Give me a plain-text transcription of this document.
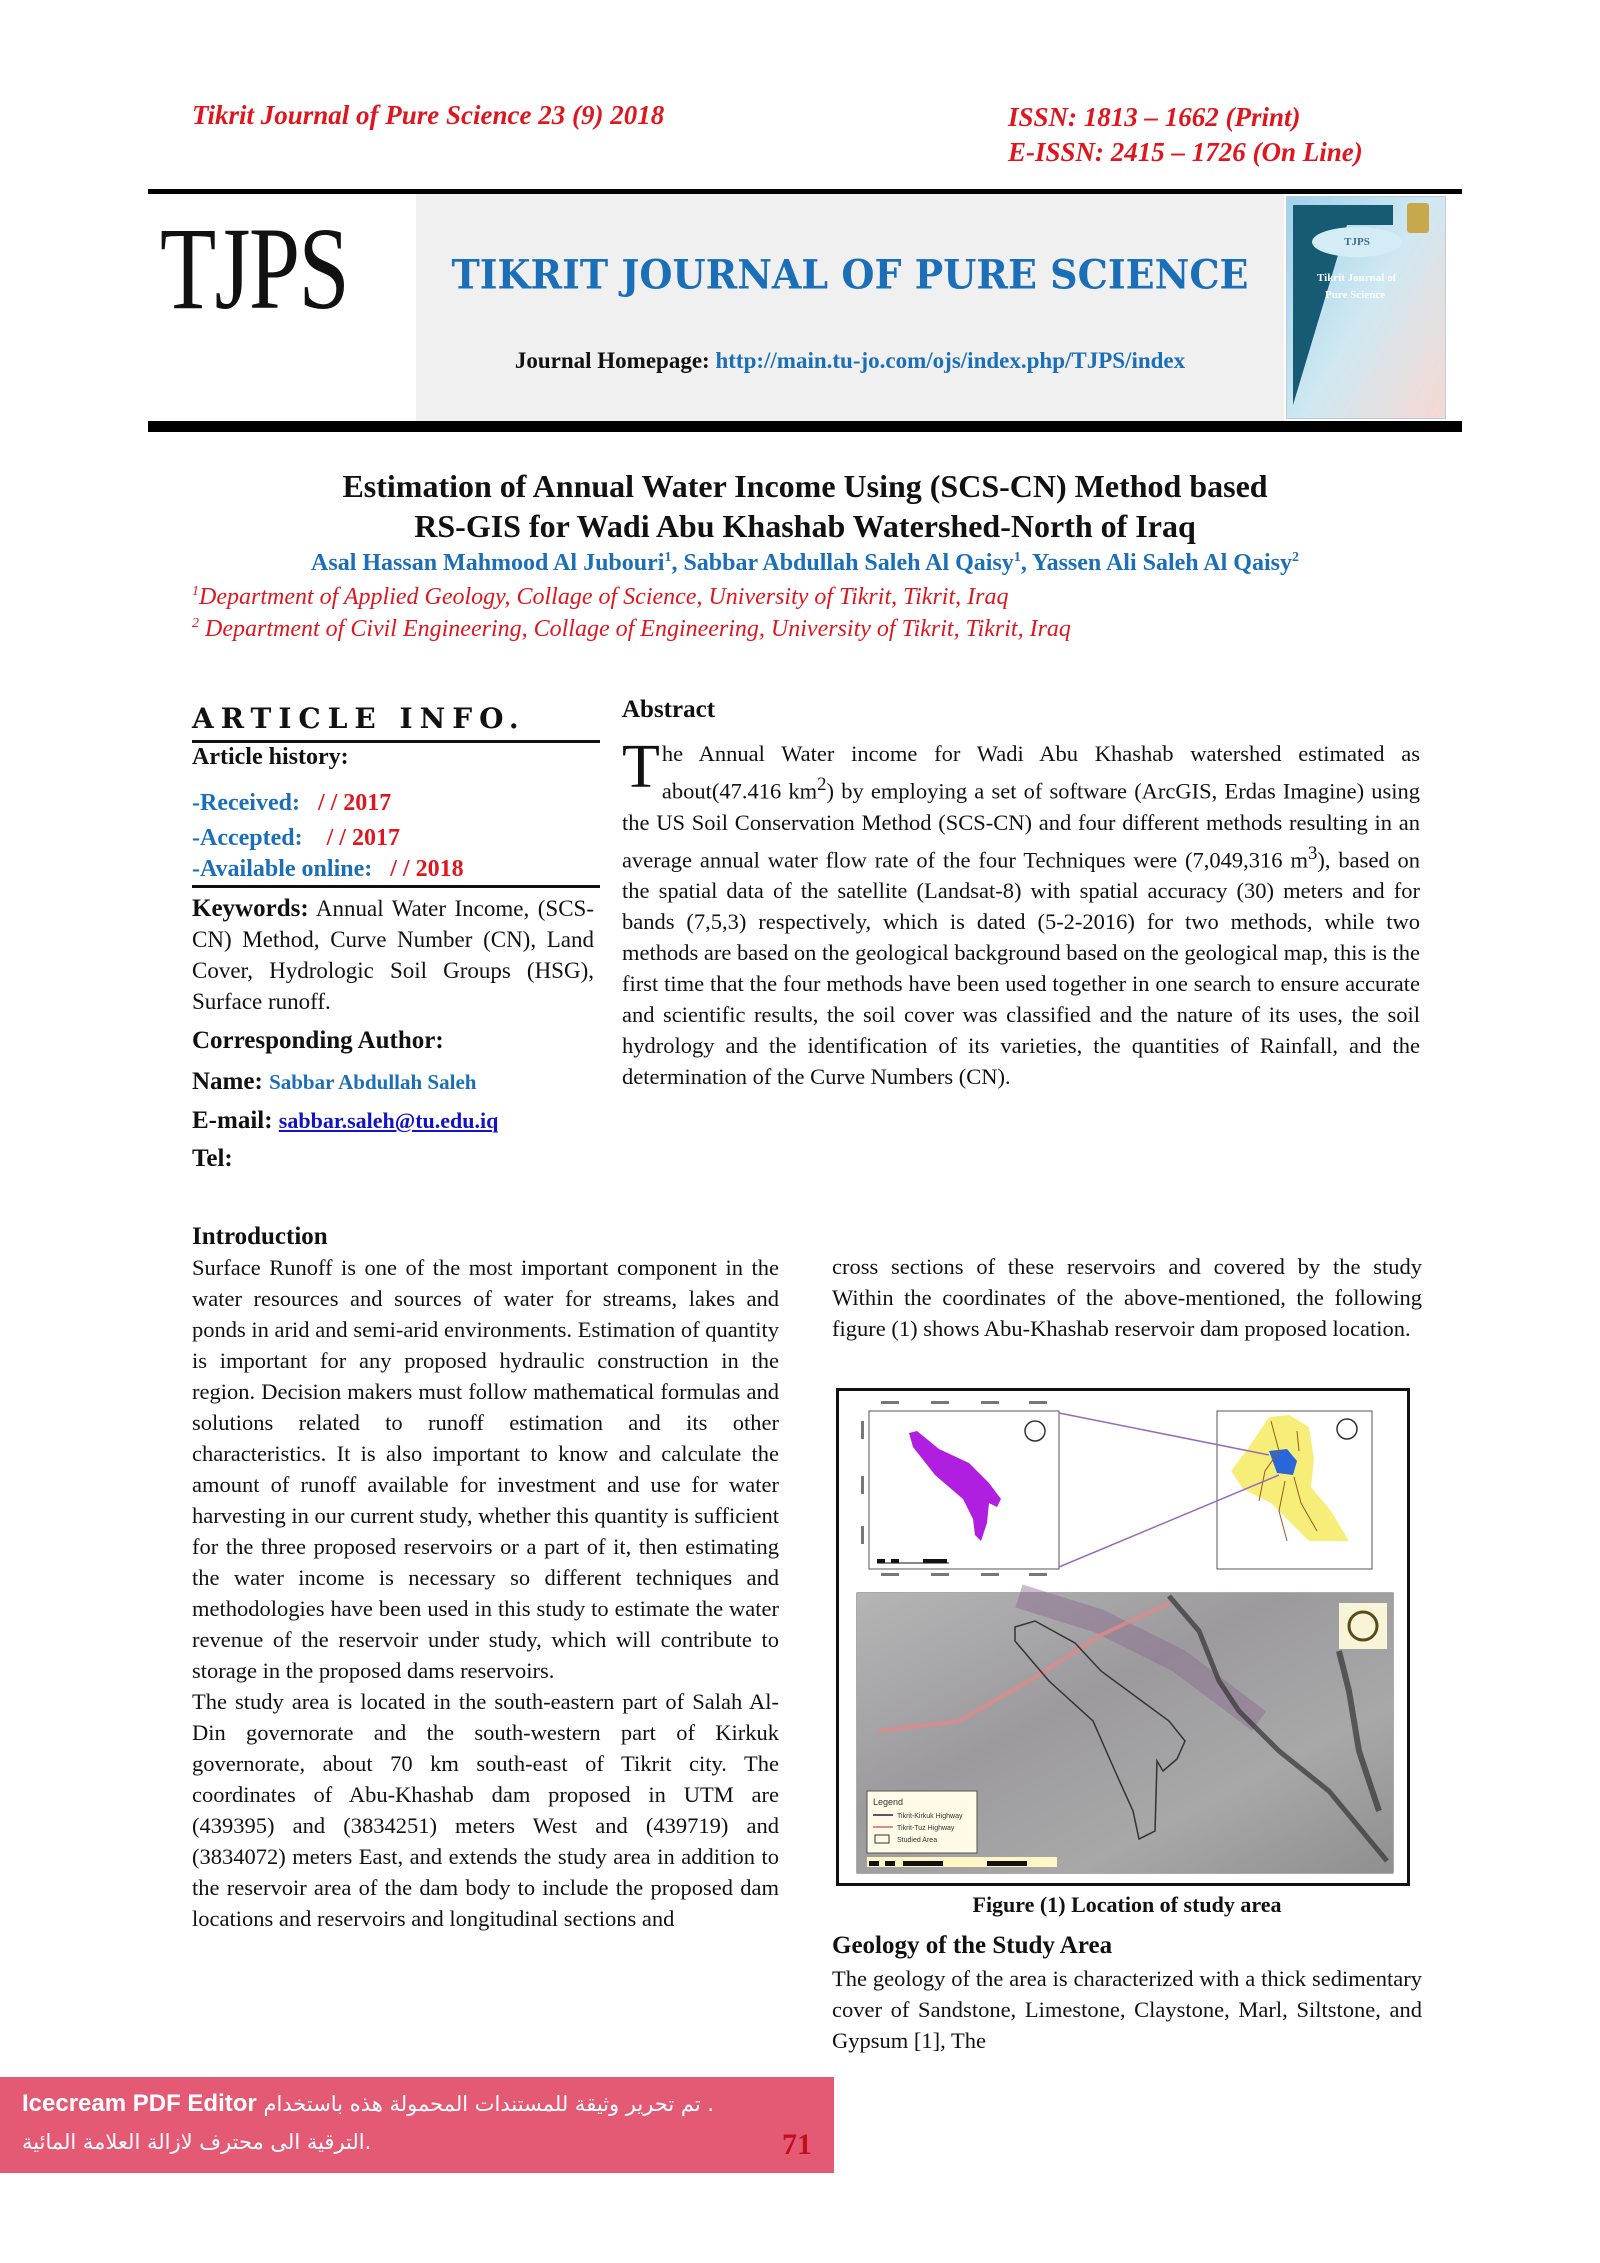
Tikrit Journal of Pure Science 23 (9) 2018	ISSN: 1813 – 1662 (Print)
E-ISSN: 2415 – 1726 (On Line)
TJPS	TIKRIT JOURNAL OF PURE SCIENCE
Journal Homepage: http://main.tu-jo.com/ojs/index.php/TJPS/index
TJPS
Tikrit Journal of
Pure Science
Estimation of Annual Water Income Using (SCS-CN) Method based
RS-GIS for Wadi Abu Khashab Watershed-North of Iraq
Asal Hassan Mahmood Al Jubouri$^1$, Sabbar Abdullah Saleh Al Qaisy$^1$, Yassen Ali Saleh Al Qaisy$^2$
$^1$Department of Applied Geology, Collage of Science, University of Tikrit, Tikrit, Iraq
$^2$ Department of Civil Engineering, Collage of Engineering, University of Tikrit, Tikrit, Iraq
ARTICLE INFO.
Article history:
-Received: / / 2017
-Accepted: / / 2017
-Available online: / / 2018
Keywords: Annual Water Income, (SCS-CN) Method, Curve Number (CN), Land Cover, Hydrologic Soil Groups (HSG), Surface runoff.
Corresponding Author:
Name: Sabbar Abdullah Saleh
E-mail: sabbar.saleh@tu.edu.iq
Tel:
Abstract
The Annual Water income for Wadi Abu Khashab watershed estimated as about(47.416 $km^2$) by employing a set of software (ArcGIS, Erdas Imagine) using the US Soil Conservation Method (SCS-CN) and four different methods resulting in an average annual water flow rate of the four Techniques were (7,049,316 $m^3$), based on the spatial data of the satellite (Landsat-8) with spatial accuracy (30) meters and for bands (7,5,3) respectively, which is dated (5-2-2016) for two methods, while two methods are based on the geological background based on the geological map, this is the first time that the four methods have been used together in one search to ensure accurate and scientific results, the soil cover was classified and the nature of its uses, the soil hydrology and the identification of its varieties, the quantities of Rainfall, and the determination of the Curve Numbers (CN).
Introduction

Surface Runoff is one of the most important component in the water resources and sources of water for streams, lakes and ponds in arid and semi-arid environments. Estimation of quantity is important for any proposed hydraulic construction in the region. Decision makers must follow mathematical formulas and solutions related to runoff estimation and its other characteristics. It is also important to know and calculate the amount of runoff available for investment and use for water harvesting in our current study, whether this quantity is sufficient for the three proposed reservoirs or a part of it, then estimating the water income is necessary so different techniques and methodologies have been used in this study to estimate the water revenue of the reservoir under study, which will contribute to storage in the proposed dams reservoirs.

The study area is located in the south-eastern part of Salah Al-Din governorate and the south-western part of Kirkuk governorate, about 70 km south-east of Tikrit city. The coordinates of Abu-Khashab dam proposed in UTM are (439395) and (3834251) meters West and (439719) and (3834072) meters East, and extends the study area in addition to the reservoir area of the dam body to include the proposed dam locations and reservoirs and longitudinal sections and

cross sections of these reservoirs and covered by the study Within the coordinates of the above-mentioned, the following figure (1) shows Abu-Khashab reservoir dam proposed location.

Legend
Tikrit-Kirkuk Highway
Tikrit-Tuz Highway
Studied Area
Figure (1) Location of study area
Geology of the Study Area
The geology of the area is characterized with a thick sedimentary cover of Sandstone, Limestone, Claystone, Marl, Siltstone, and Gypsum [1], The
Icecream PDF Editor تم تحرير وثيقة للمستندات المحمولة هذه باستخدام .
الترقية الى محترف لازالة العلامة المائية.	71
